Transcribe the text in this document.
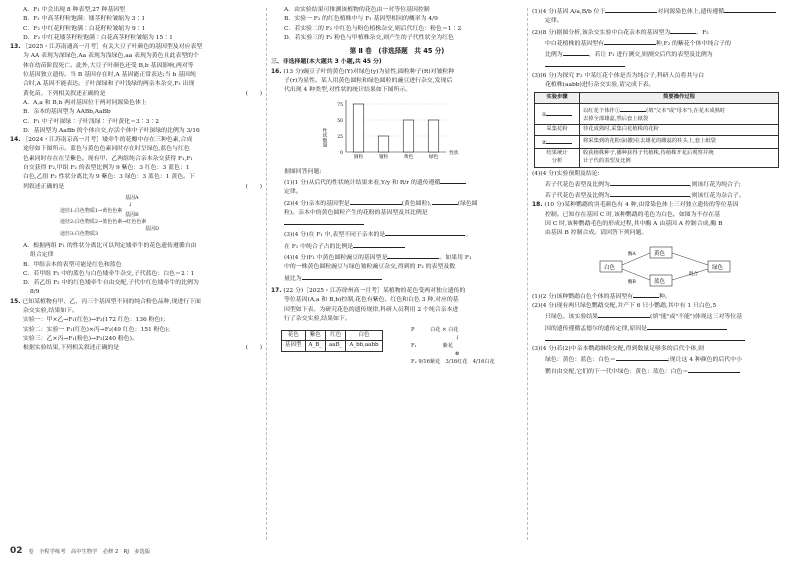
A．F₁ 中会出现 8 种表型,27 种基因型
B．F₁ 中高茎籽粒饱满：矮茎籽粒皱缩为 3∶1
C．F₂ 中红花籽粒饱满∶白花籽粒皱缩为 9∶1
D．F₂ 中红花矮茎籽粒饱满∶白花高茎籽粒皱缩为 15∶1
13. ［2025・江苏南通高一月考］有关大豆子叶颜色的基因型及对应表型
为 AA 表现为深绿色,Aa 表现为浅绿色,aa 表现为黄色且此表型的个
体在幼苗阶段死亡。此外,大豆子叶颜色还受 B,b 基因影响,两对等
位基因独立遗传。当 B 基因存在时,A 基因能正常表达;当 b 基因纯
合时,A 基因不能表达。子叶深绿和子叶浅绿的两亲本杂交,F₁ 出现
黄化苗。下列相关叙述正确的是	(　　)
A．A,a 和 B,b 两对基因位于两对同源染色体上
B．亲本的基因型为 AABb,AaBb
C．F₁ 中子叶深绿∶子叶浅绿∶子叶黄化＝3∶3∶2
D．基因型为 AaBb 的个体自交,存活个体中子叶深绿的比例为 3/16
14. ［2024・江苏南京高一月考］矮牵牛的花瓣中存在三种色素,合成
途径如下图所示。蓝色与黄色色素同时存在时呈绿色,蓝色与红色
色素同时存在在呈紫色。现有甲、乙两组纯合亲本杂交获得 F₁,F₁
自交获得 F₂,甲组 F₂ 的表型比例为 9 紫色：3 红色：3 蓝色：1
白色,乙组 F₂ 性状分离比为 9 紫色：3 绿色：3 蓝色：1 黄色。下
列叙述正确的是	(　　)
基因A
↓
途径1:白色物质1→黄色色素
基因B
途径2:白色物质2→蓝色色素→红色色素
基因D
途径3:白色物质3
A．根据两组 F₁ 的性状分离比可以判定矮牵牛的花色遗传遵循自由
组合定律
B．甲组亲本的表型可能是红色和蓝色
C．若甲组 F₂ 中的蓝色与白色矮牵牛杂交,子代蓝色：白色＝2∶1
D．若乙组 F₂ 中的红色矮牵牛自由交配,子代中红色矮牵牛的比例为
8/9
15. 已知某植物有甲、乙、丙三个基因型不同的纯合粉色品种,现进行下面
杂交实验,结果如下。
实验一：甲×乙→F₁(红色)→F₂(172 红色：136 粉色)；
实验二：实验一 F₁(红色)×丙→F₂(49 红色：151 粉色)；
实验三：乙×丙→F₁(粉色)→F₂(240 粉色)。
根据实验结果,下列相关叙述正确的是	(　　)
A．由实验结果可推测该植物的花色由一对等位基因控制
B．实验一 F₂ 的红色植株中与 F₁ 基因型相同的概率为 4/9
C．若实验二的 F₂ 中红色与粉色植株杂交,则后代红色：粉色＝1∶2
D．若实验三的 F₂ 粉色与甲植株杂交,则产生的子代性状全为红色
第 Ⅱ 卷　(非选择题　共 45 分)
三、非选择题(本大题共 3 小题,共 45 分)
16. (13 分)豌豆子叶的黄色(Y)对绿色(y)为显性,圆粒种子(R)对皱粒种
子(r)为显性。某人用黄色圆粒和绿色圆粒的豌豆进行杂交,发现后
代出现 4 种类型,对性状的统计结果如下图所示。
0
25
50
75
圆粒	皱粒	黄色	绿色
性状
性状数量
据图回答问题:
(1)(1 分)从后代的性状统计结果来看,Y/y 和 R/r 的遗传遵循
定律。
(2)(4 分)亲本的基因型是	(黄色圆粒),	(绿色圆
粒)。亲本中的黄色圆粒产生的花粉的基因型及其比例是
(3)(4 分)在 F₁ 中,表型不同于亲本的是	。
在 F₁ 中纯合子占的比例是
(4)(4 分)F₁ 中黄色圆粒豌豆的基因型是	。如果用 F₁
中的一株黄色圆粒豌豆与绿色皱粒豌豆杂交,得到的 F₂ 的表型及数
量比为
17. (22 分)［2025・江苏徐州高一月考］某植物的花色受两对独立遗传的
等位基因(A,a 和 B,b)控制,花色有紫色、红色和白色 3 种,对应的基
因型如下表。为研究花色的遗传规律,科研人员利用 2 个纯合亲本进
行了杂交实验,结果如下。
花色	紫色	红色	白色
基因型	A_B_	aaB_	A_bb,aabb
P　　　	白花 × 白花
↓
F₁　　　　　	紫花
⊗
F₂ 9/16紫花　3/16红花　4/16白花
(1)(4 分)基因 A/a,B/b 位于	对同源染色体上,遗传遵循
定律。
(2)(8 分)据图分析,该杂交实验中白花亲本的基因型为	。F₂
中白花植株的基因型有	种,F₂ 的紫花个体中纯合子的
比例为	。若让 F₁ 进行测交,则测交后代的表型及比例为
(3)(6 分)为探究 F₂ 中某红花个体是否为纯合子,科研人员将其与白
花植株(aabb)进行杂交实验,请完成下表。
实验步骤	简要操作过程
①	以红花个体作① (填"父本"或"母本"),在花未成熟时
去掉全部雄蕊,然后套上纸袋
采集花粉	待花成熟时,采集白花植株的花粉
②	将采集到的花粉涂(撒)在去雄花的雌蕊的柱头上,套上纸袋
结果统计
分析	收获植株种子,播种获得子代植株,待植株开花后观察并统
计子代的表型及比例
(4)(4 分)实验预期及结论:
若子代花色表型及比例为	,则该红花为纯合子;
若子代花色表型及比例为	,则该红花为杂合子。
18. (10 分)某种鹦鹉的羽毛颜色有 4 种,由常染色体上三对独立遗传的等位基因
控制。已知存在基因 C 时,该种鹦鹉的毛色为白色。如图为不存在基
因 C 时,该种鹦鹉毛色的形成过程,其中酶 A 由基因 A 控制合成,酶 B
由基因 B 控制合成。请回答下列问题。
白色
黄色
蓝色
绿色
酶A
酶B
混合
(1)(2 分)该种鹦鹉白色个体的基因型有	种。
(2)(4 分)现有两只绿色鹦鹉交配,并产下 6 只小鹦鹉,其中有 1 只白色,5
只绿色。该实验结果	(填"能"或"不能")体现这三对等位基
因的遗传遵循孟德尔的遗传定律,原因是
(3)(4 分)若(2)中亲本鹦鹉继续交配,得到数量足够多的后代个体,则
绿色：黄色：蓝色：白色＝	;现让这 4 种颜色的后代中小
鹦自由交配,它们的下一代中绿色：黄色：蓝色：白色＝
02 卷　全程学练考　高中生物学　必修 2　RJ　多选版
